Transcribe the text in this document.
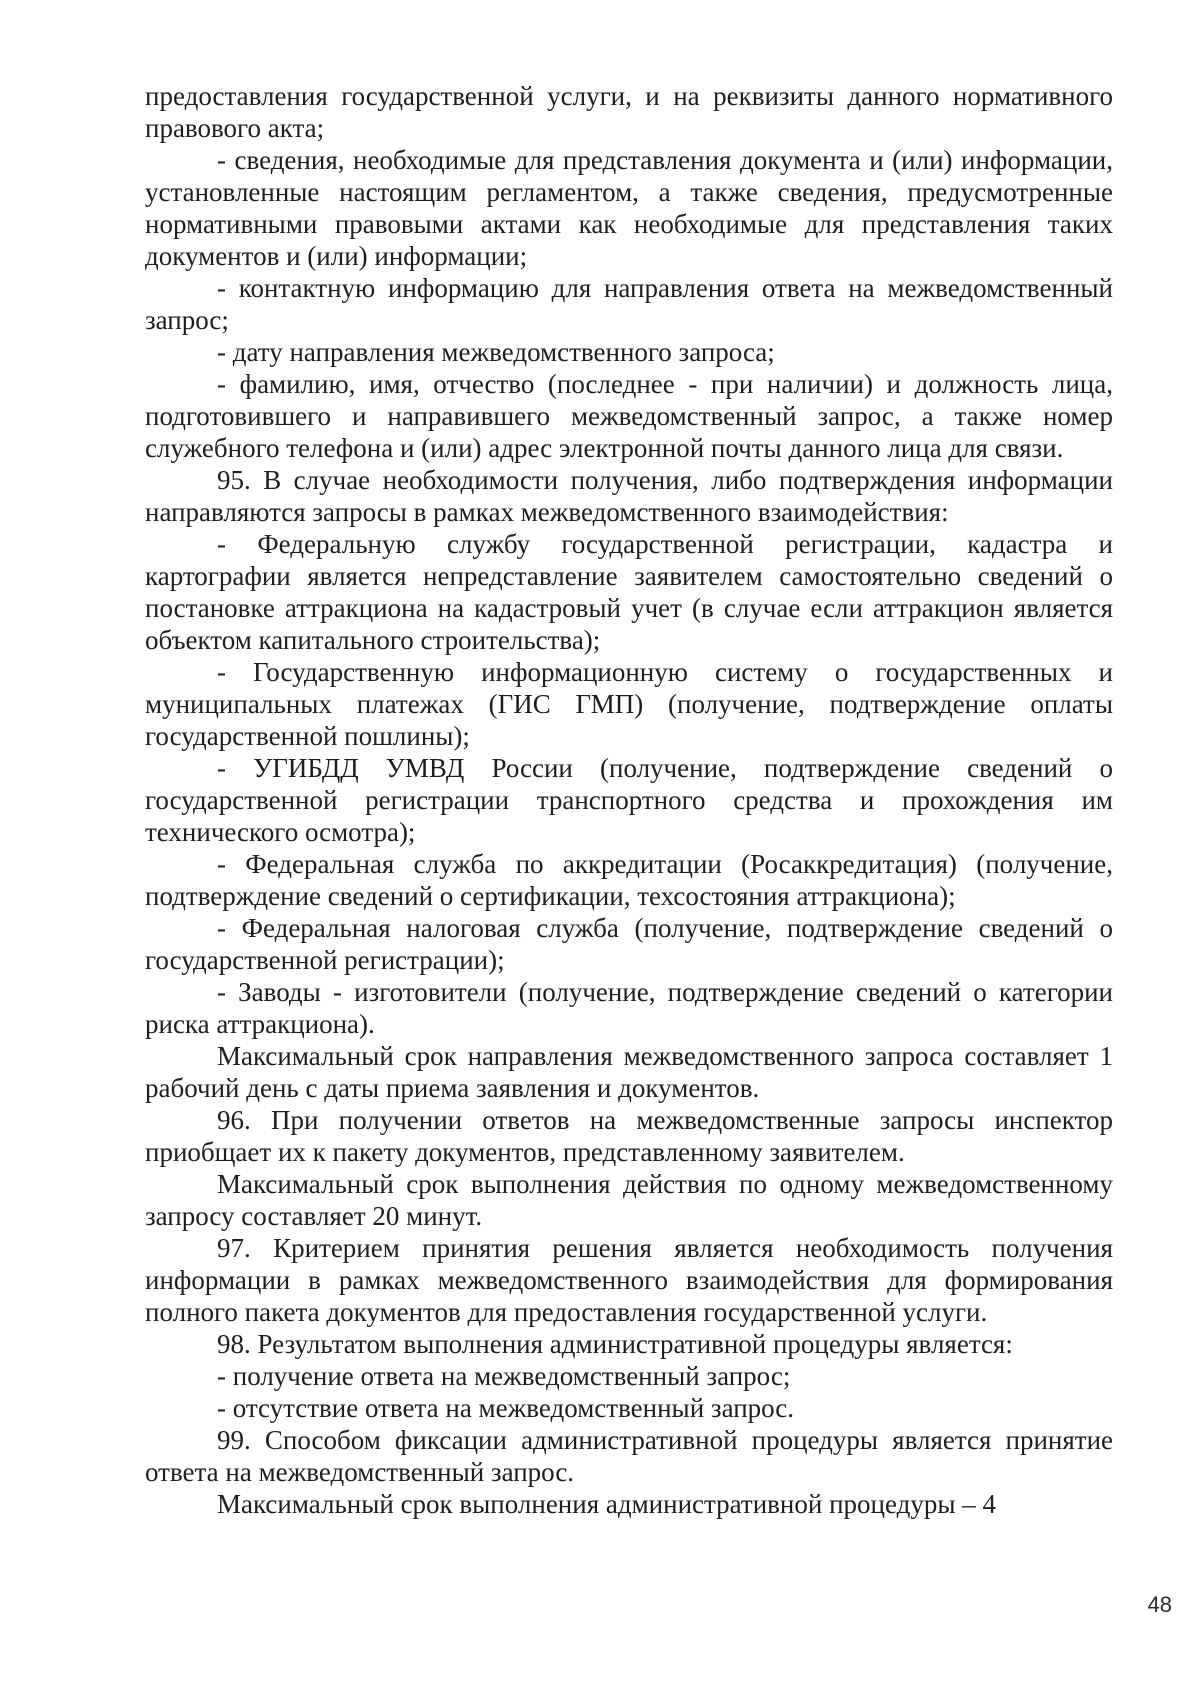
предоставления государственной услуги, и на реквизиты данного нормативного правового акта;

- сведения, необходимые для представления документа и (или) информации, установленные настоящим регламентом, а также сведения, предусмотренные нормативными правовыми актами как необходимые для представления таких документов и (или) информации;

- контактную информацию для направления ответа на межведомственный запрос;

- дату направления межведомственного запроса;

- фамилию, имя, отчество (последнее - при наличии) и должность лица, подготовившего и направившего межведомственный запрос, а также номер служебного телефона и (или) адрес электронной почты данного лица для связи.

95. В случае необходимости получения, либо подтверждения информации направляются запросы в рамках межведомственного взаимодействия:

- Федеральную службу государственной регистрации, кадастра и картографии является непредставление заявителем самостоятельно сведений о постановке аттракциона на кадастровый учет (в случае если аттракцион является объектом капитального строительства);

- Государственную информационную систему о государственных и муниципальных платежах (ГИС ГМП) (получение, подтверждение оплаты государственной пошлины);

- УГИБДД УМВД России (получение, подтверждение сведений о государственной регистрации транспортного средства и прохождения им технического осмотра);

- Федеральная служба по аккредитации (Росаккредитация) (получение, подтверждение сведений о сертификации, техсостояния аттракциона);

- Федеральная налоговая служба (получение, подтверждение сведений о государственной регистрации);

- Заводы - изготовители (получение, подтверждение сведений о категории риска аттракциона).

Максимальный срок направления межведомственного запроса составляет 1 рабочий день с даты приема заявления и документов.

96. При получении ответов на межведомственные запросы инспектор приобщает их к пакету документов, представленному заявителем.

Максимальный срок выполнения действия по одному межведомственному запросу составляет 20 минут.

97. Критерием принятия решения является необходимость получения информации в рамках межведомственного взаимодействия для формирования полного пакета документов для предоставления государственной услуги.

98. Результатом выполнения административной процедуры является:

- получение ответа на межведомственный запрос;

- отсутствие ответа на межведомственный запрос.

99. Способом фиксации административной процедуры является принятие ответа на межведомственный запрос.

Максимальный срок выполнения административной процедуры – 4

48
